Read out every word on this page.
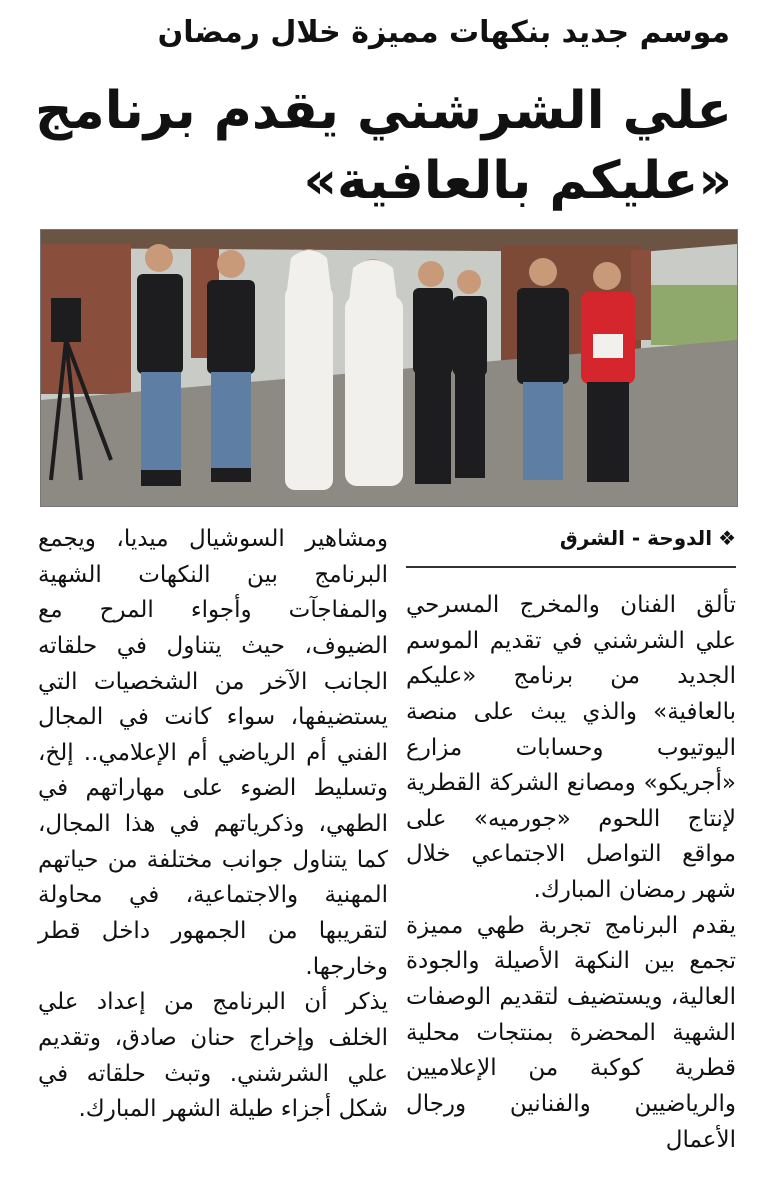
موسم جديد بنكهات مميزة خلال رمضان
علي الشرشني يقدم برنامج
«عليكم بالعافية»
❖الدوحة - الشرق

تألق الفنان والمخرج المسرحي علي الشرشني في تقديم الموسم الجديد من برنامج «عليكم بالعافية» والذي يبث على منصة اليوتيوب وحسابات مزارع «أجريكو» ومصانع الشركة القطرية لإنتاج اللحوم «جورميه» على مواقع التواصل الاجتماعي خلال شهر رمضان المبارك.

يقدم البرنامج تجربة طهي مميزة تجمع بين النكهة الأصيلة والجودة العالية، ويستضيف لتقديم الوصفات الشهية المحضرة بمنتجات محلية قطرية كوكبة من الإعلاميين والرياضيين والفنانين ورجال الأعمال

ومشاهير السوشيال ميديا، ويجمع البرنامج بين النكهات الشهية والمفاجآت وأجواء المرح مع الضيوف، حيث يتناول في حلقاته الجانب الآخر من الشخصيات التي يستضيفها، سواء كانت في المجال الفني أم الرياضي أم الإعلامي.. إلخ، وتسليط الضوء على مهاراتهم في الطهي، وذكرياتهم في هذا المجال، كما يتناول جوانب مختلفة من حياتهم المهنية والاجتماعية، في محاولة لتقريبها من الجمهور داخل قطر وخارجها.

يذكر أن البرنامج من إعداد علي الخلف وإخراج حنان صادق، وتقديم علي الشرشني. وتبث حلقاته في شكل أجزاء طيلة الشهر المبارك.
